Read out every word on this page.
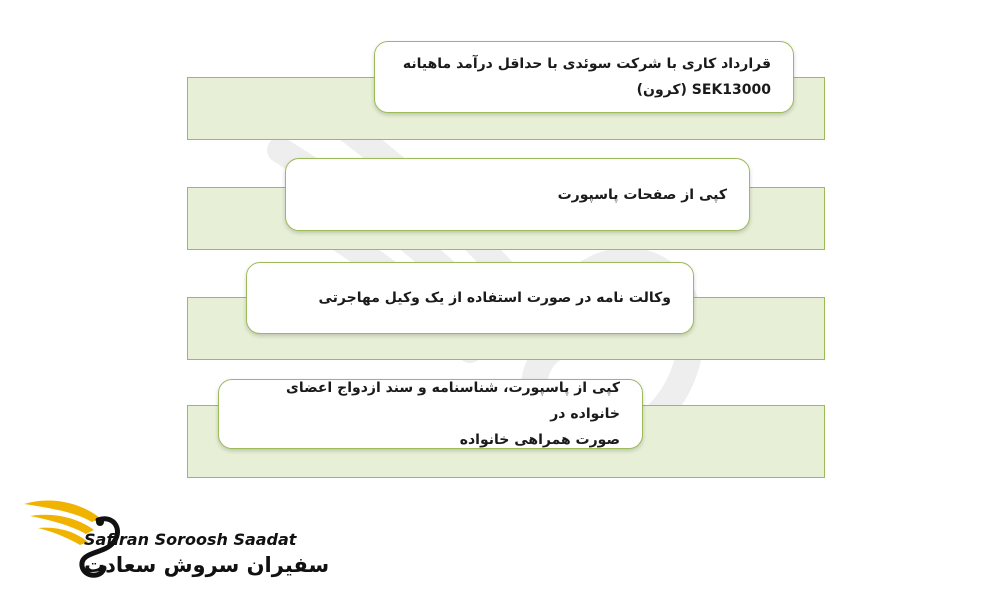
قرارداد کاری با شرکت سوئدی با حداقل درآمد ماهیانه
SEK13000 (کرون)
کپی از صفحات پاسپورت
وکالت نامه در صورت استفاده از یک وکیل مهاجرتی
کپی از پاسپورت، شناسنامه و سند ازدواج اعضای خانواده در
صورت همراهی خانواده
Safiran Soroosh Saadat
سفیران سروش سعادت
